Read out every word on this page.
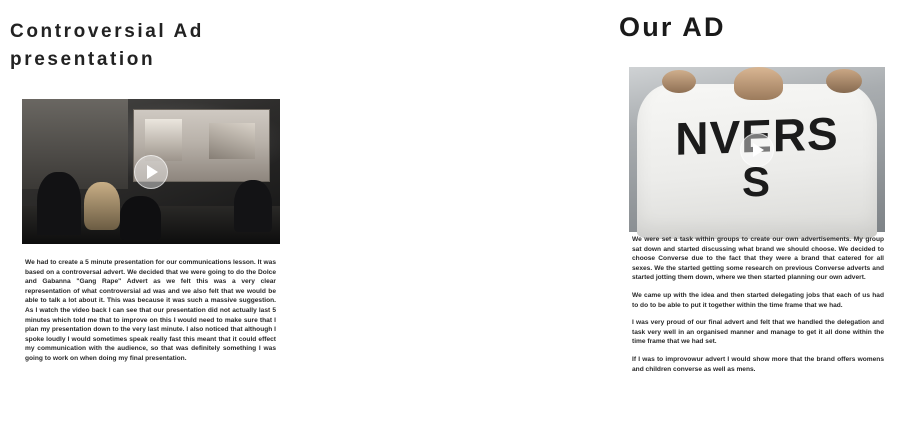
Controversial Ad presentation

We had to create a 5 minute presentation for our communications lesson. It was based on a controversal advert. We decided that we were going to do the Dolce and Gabanna "Gang Rape" Advert as we felt this was a very clear representation of what controversial ad was and we also felt that we would be able to talk a lot about it. This was because it was such a massive suggestion. As I watch the video back I can see that our presentation did not actually last 5 minutes which told me that to improve on this I would need to make sure that I plan my presentation down to the very last minute. I also noticed that although I spoke loudly I would sometimes speak really fast this meant that it could effect my communication with the audience, so that was definitely something I was going to work on when doing my final presentation.

Our AD
NVERS
S

We were set a task within groups to create our own advertisements. My group sat down and started discussing what brand we should choose. We decided to choose Converse due to the fact that they were a brand that catered for all sexes. We the started getting some research on previous Converse adverts and started jotting them down, where we then started planning our own advert.

We came up with the idea and then started delegating jobs that each of us had to do to be able to put it together within the time frame that we had.

I was very proud of our final advert and felt that we handled the delegation and task very well in an organised manner and manage to get it all done within the time frame that we had set.

If I was to improvowur advert I would show more that the brand offers womens and children converse as well as mens.
